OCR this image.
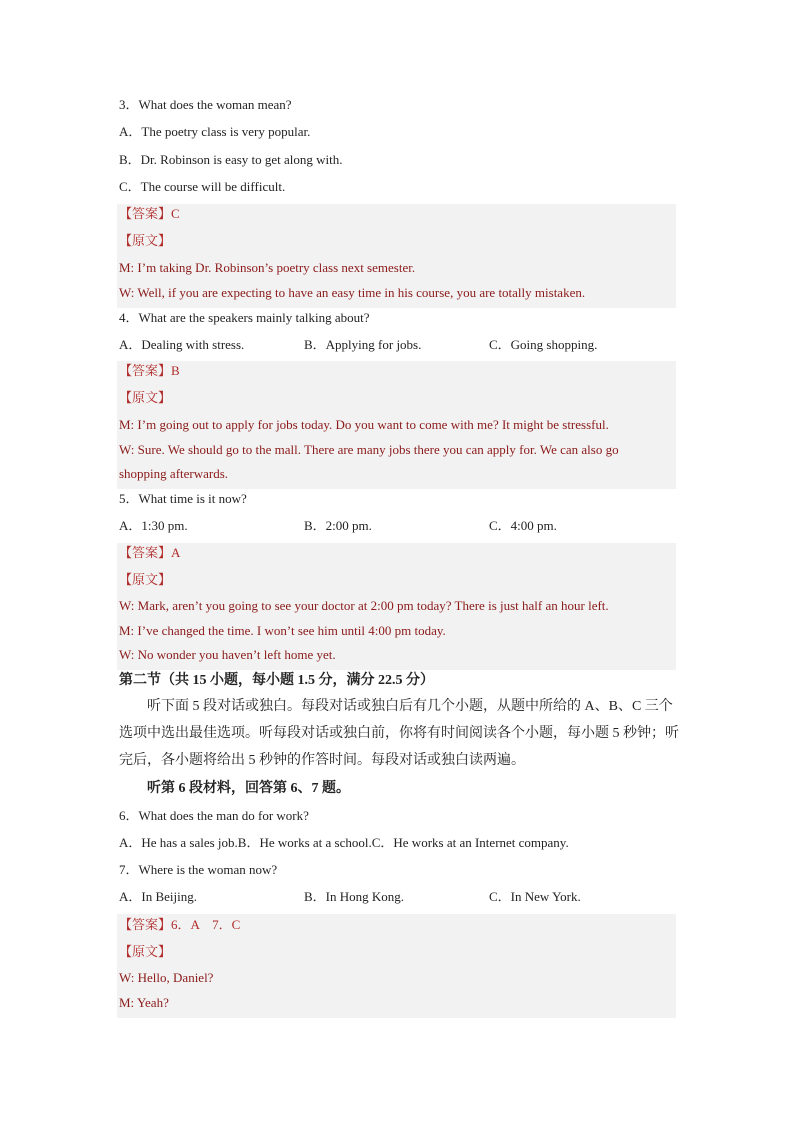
3．What does the woman mean?
A．The poetry class is very popular.
B．Dr. Robinson is easy to get along with.
C．The course will be difficult.
【答案】C
【原文】
M: I’m taking Dr. Robinson’s poetry class next semester.
W: Well, if you are expecting to have an easy time in his course, you are totally mistaken.
4．What are the speakers mainly talking about?
A．Dealing with stress.	B．Applying for jobs.	C．Going shopping.
【答案】B
【原文】
M: I’m going out to apply for jobs today. Do you want to come with me? It might be stressful.
W: Sure. We should go to the mall. There are many jobs there you can apply for. We can also go
shopping afterwards.
5．What time is it now?
A．1:30 pm.	B．2:00 pm.	C．4:00 pm.
【答案】A
【原文】
W: Mark, aren’t you going to see your doctor at 2:00 pm today? There is just half an hour left.
M: I’ve changed the time. I won’t see him until 4:00 pm today.
W: No wonder you haven’t left home yet.
第二节（共 15 小题，每小题 1.5 分，满分 22.5 分）
听下面 5 段对话或独白。每段对话或独白后有几个小题，从题中所给的 A、B、C 三个
选项中选出最佳选项。听每段对话或独白前，你将有时间阅读各个小题，每小题 5 秒钟；听
完后，各小题将给出 5 秒钟的作答时间。每段对话或独白读两遍。
听第 6 段材料，回答第 6、7 题。
6．What does the man do for work?
A．He has a sales job.B．He works at a school.C．He works at an Internet company.
7．Where is the woman now?
A．In Beijing.	B．In Hong Kong.	C．In New York.
【答案】6．A　7．C
【原文】
W: Hello, Daniel?
M: Yeah?
